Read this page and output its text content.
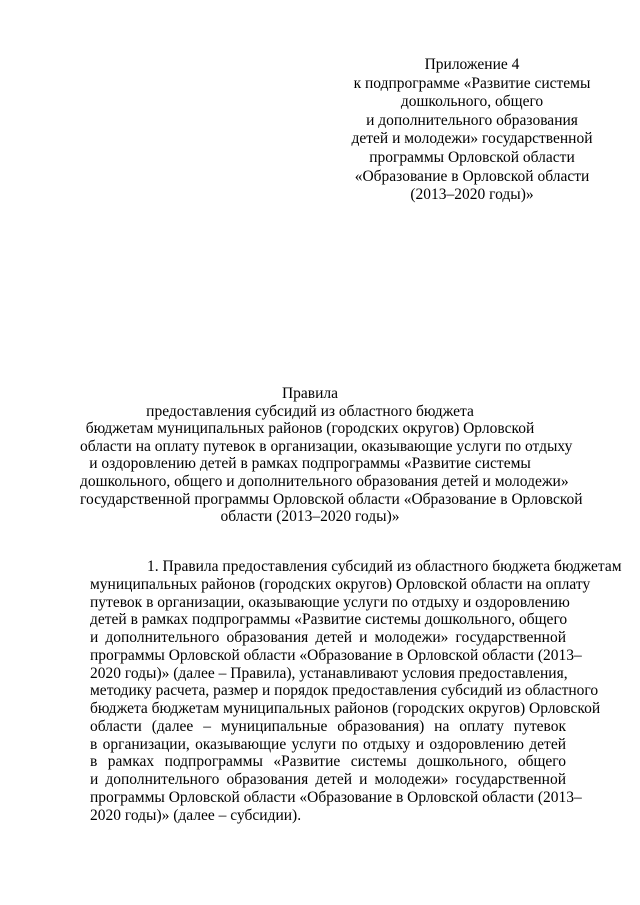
Приложение 4
к подпрограмме «Развитие системы
дошкольного, общего
и дополнительного образования
детей и молодежи» государственной
программы Орловской области
«Образование в Орловской области
(2013–2020 годы)»
Правила
предоставления субсидий из областного бюджета
бюджетам муниципальных районов (городских округов) Орловской
области на оплату путевок в организации, оказывающие услуги по отдыху
и оздоровлению детей в рамках подпрограммы «Развитие системы
дошкольного, общего и дополнительного образования детей и молодежи»
государственной программы Орловской области «Образование в Орловской
области (2013–2020 годы)»
1. Правила предоставления субсидий из областного бюджета бюджетам
муниципальных районов (городских округов) Орловской области на оплату
путевок в организации, оказывающие услуги по отдыху и оздоровлению
детей в рамках подпрограммы «Развитие системы дошкольного, общего
и дополнительного образования детей и молодежи» государственной
программы Орловской области «Образование в Орловской области (2013–
2020 годы)» (далее – Правила), устанавливают условия предоставления,
методику расчета, размер и порядок предоставления субсидий из областного
бюджета бюджетам муниципальных районов (городских округов) Орловской
области (далее – муниципальные образования) на оплату путевок
в организации, оказывающие услуги по отдыху и оздоровлению детей
в рамках подпрограммы «Развитие системы дошкольного, общего
и дополнительного образования детей и молодежи» государственной
программы Орловской области «Образование в Орловской области (2013–
2020 годы)» (далее – субсидии).
